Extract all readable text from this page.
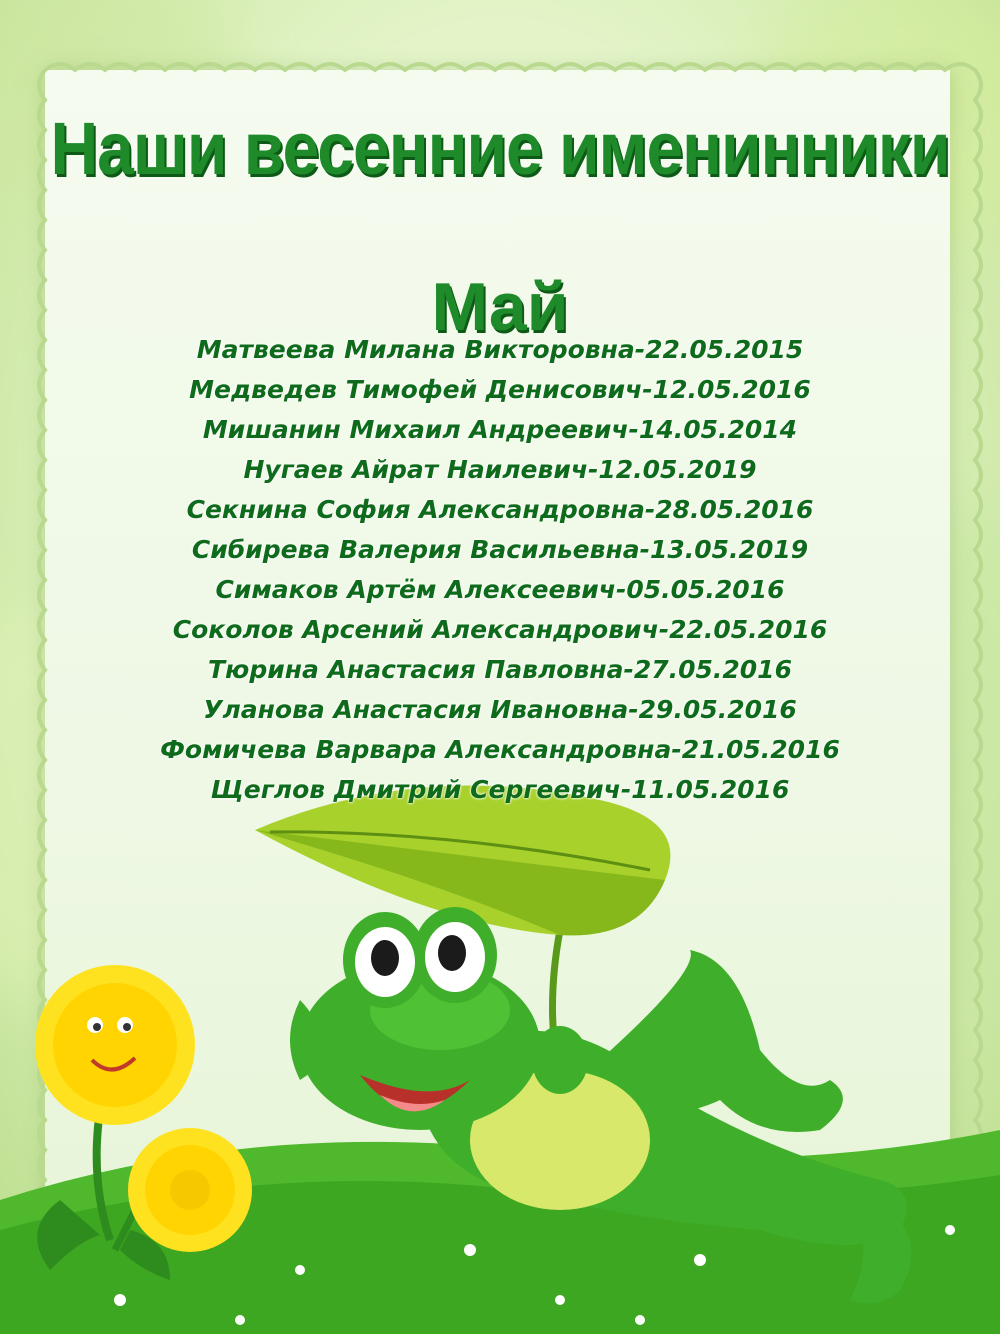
Наши весенние именинники
Май
Матвеева Милана Викторовна-22.05.2015
Медведев Тимофей Денисович-12.05.2016
Мишанин Михаил Андреевич-14.05.2014
Нугаев Айрат Наилевич-12.05.2019
Секнина София Александровна-28.05.2016
Сибирева Валерия Васильевна-13.05.2019
Симаков Артём Алексеевич-05.05.2016
Соколов Арсений Александрович-22.05.2016
Тюрина Анастасия Павловна-27.05.2016
Уланова Анастасия Ивановна-29.05.2016
Фомичева Варвара Александровна-21.05.2016
Щеглов Дмитрий Сергеевич-11.05.2016
